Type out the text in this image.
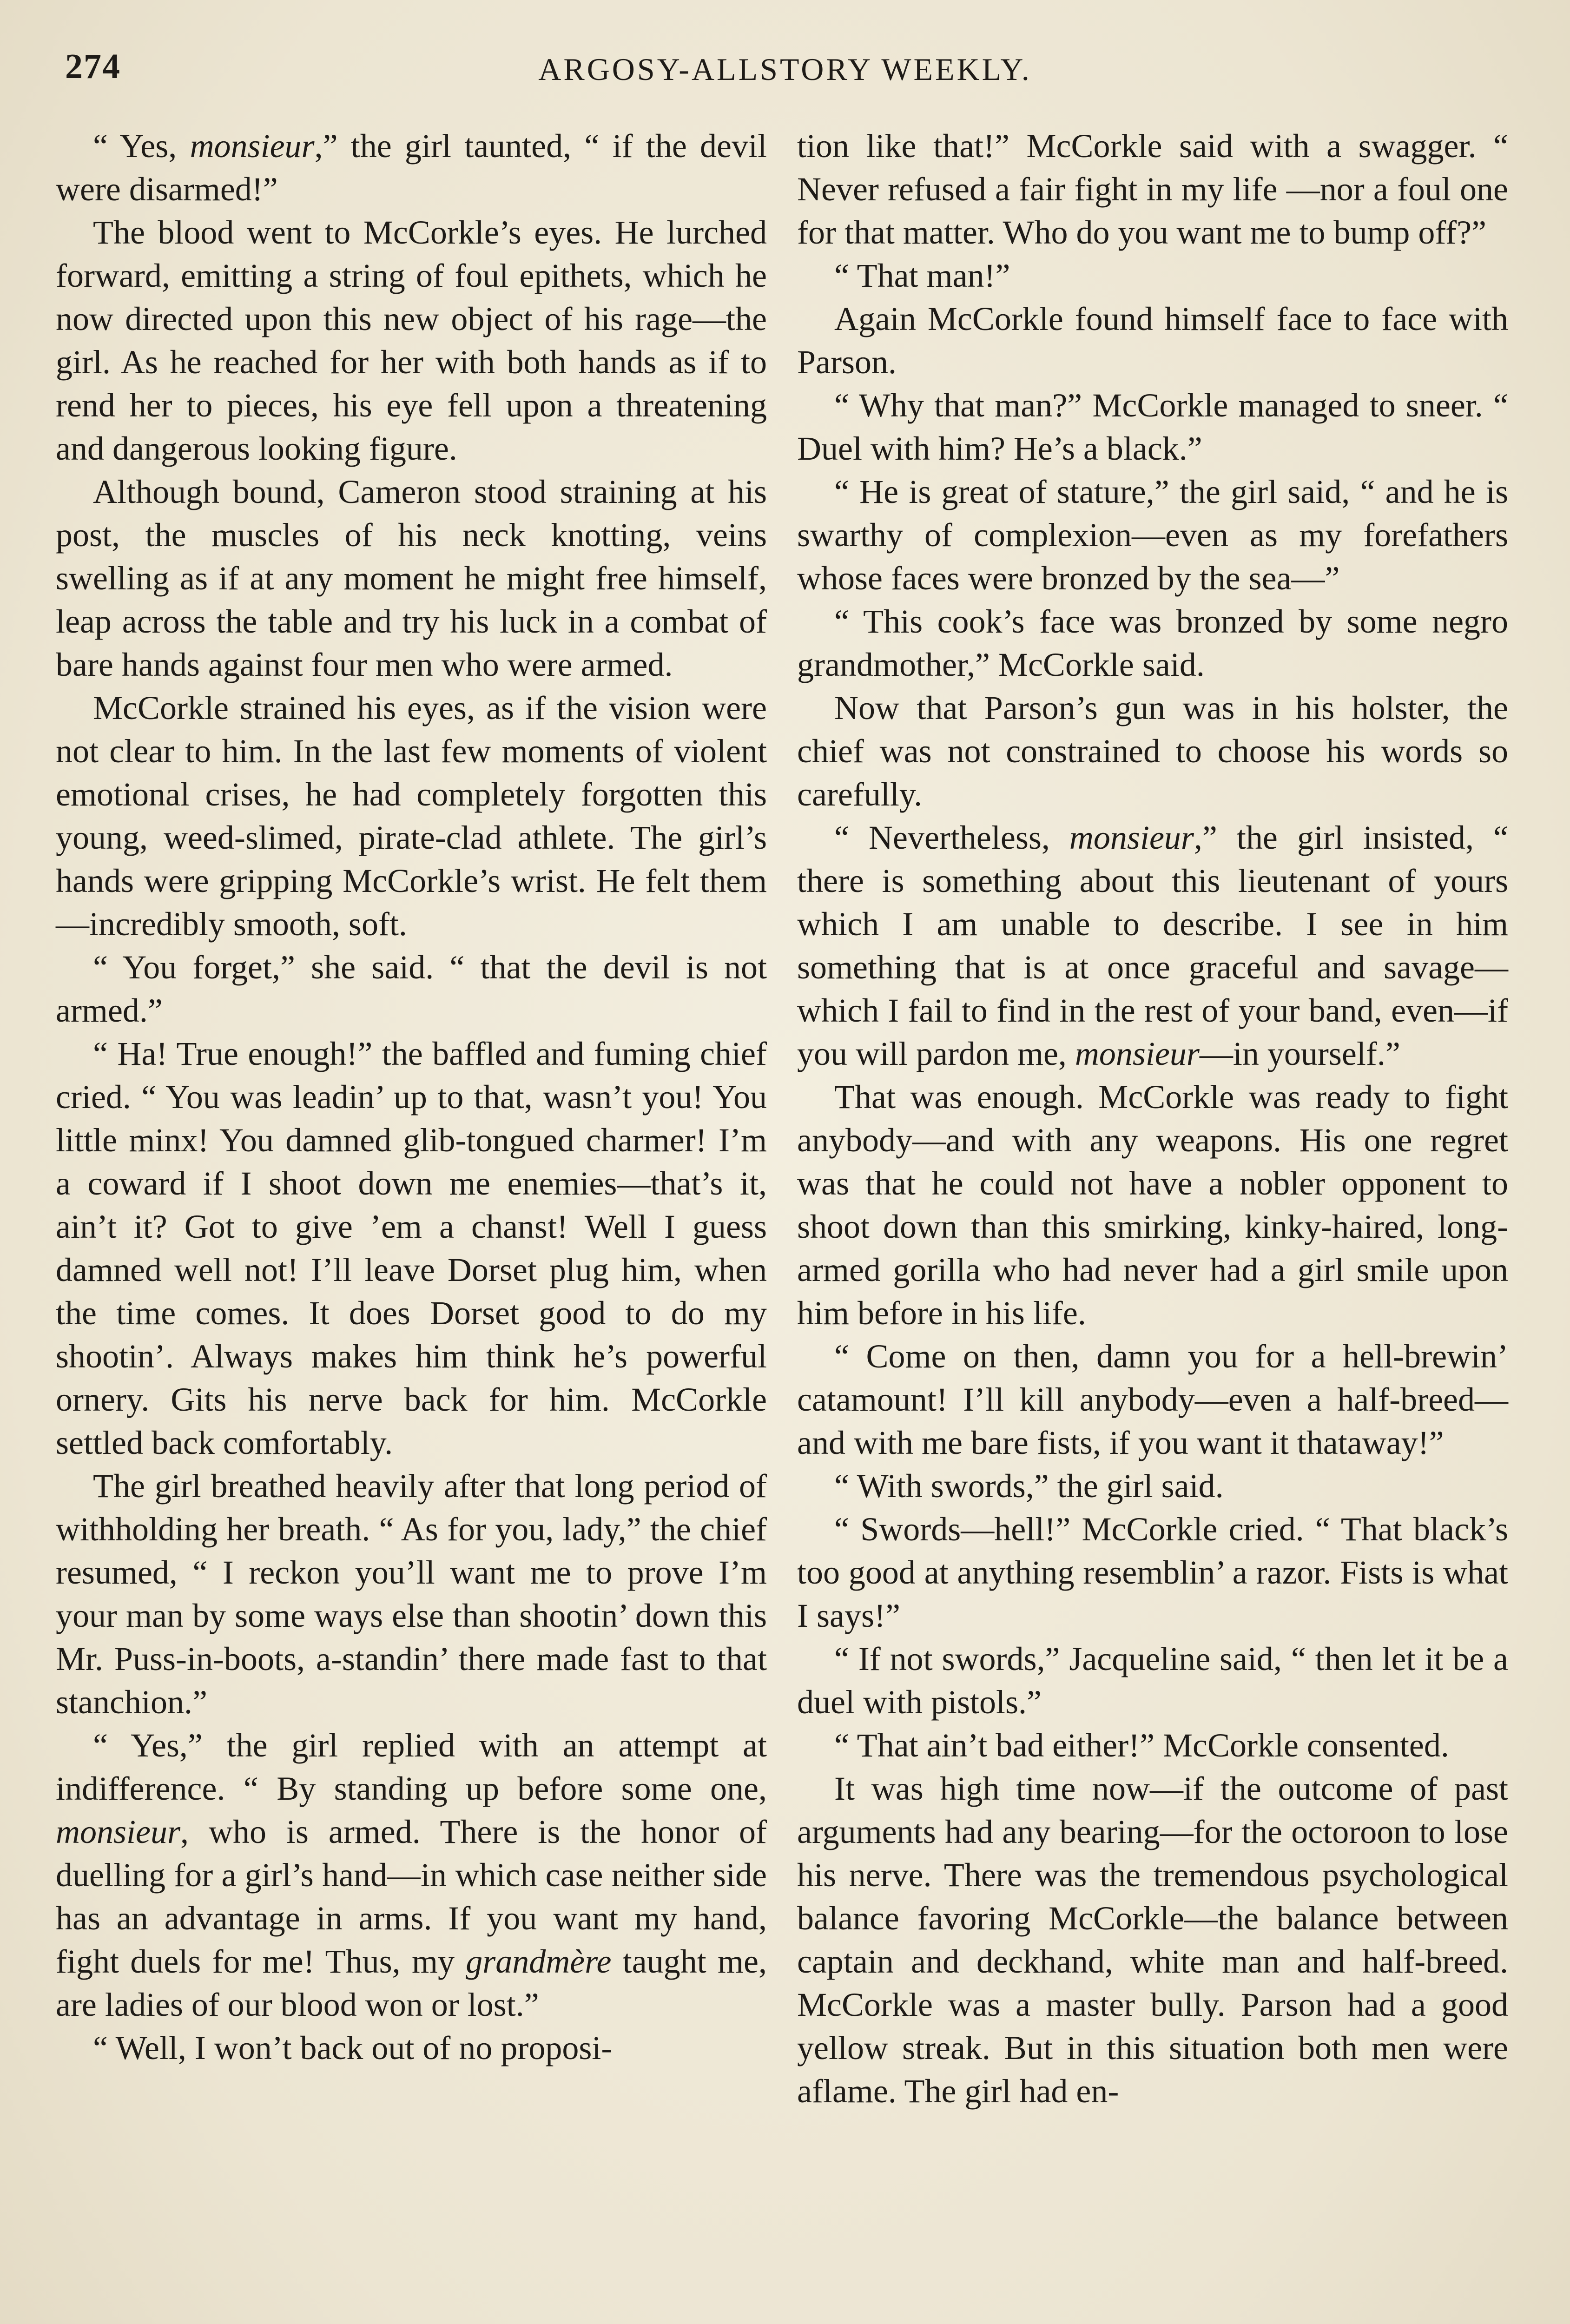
274	ARGOSY-ALLSTORY WEEKLY.

“ Yes, monsieur,” the girl taunted, “ if the devil were disarmed!”

The blood went to McCorkle’s eyes. He lurched forward, emitting a string of foul epithets, which he now directed upon this new object of his rage—the girl. As he reached for her with both hands as if to rend her to pieces, his eye fell upon a threatening and dangerous looking figure.

Although bound, Cameron stood straining at his post, the muscles of his neck knotting, veins swelling as if at any moment he might free himself, leap across the table and try his luck in a combat of bare hands against four men who were armed.

McCorkle strained his eyes, as if the vision were not clear to him. In the last few moments of violent emotional crises, he had completely forgotten this young, weed-slimed, pirate-clad athlete. The girl’s hands were gripping McCorkle’s wrist. He felt them—incredibly smooth, soft.

“ You forget,” she said. “ that the devil is not armed.”

“ Ha! True enough!” the baffled and fuming chief cried. “ You was leadin’ up to that, wasn’t you! You little minx! You damned glib-tongued charmer! I’m a coward if I shoot down me enemies—that’s it, ain’t it? Got to give ’em a chanst! Well I guess damned well not! I’ll leave Dorset plug him, when the time comes. It does Dorset good to do my shootin’. Always makes him think he’s powerful ornery. Gits his nerve back for him. McCorkle settled back comfortably.

The girl breathed heavily after that long period of withholding her breath. “ As for you, lady,” the chief resumed, “ I reckon you’ll want me to prove I’m your man by some ways else than shootin’ down this Mr. Puss-in-boots, a-standin’ there made fast to that stanchion.”

“ Yes,” the girl replied with an attempt at indifference. “ By standing up before some one, monsieur, who is armed. There is the honor of duelling for a girl’s hand—in which case neither side has an advantage in arms. If you want my hand, fight duels for me! Thus, my grandmère taught me, are ladies of our blood won or lost.”

“ Well, I won’t back out of no proposi-

tion like that!” McCorkle said with a swagger. “ Never refused a fair fight in my life —nor a foul one for that matter. Who do you want me to bump off?”

“ That man!”

Again McCorkle found himself face to face with Parson.

“ Why that man?” McCorkle managed to sneer. “ Duel with him? He’s a black.”

“ He is great of stature,” the girl said, “ and he is swarthy of complexion—even as my forefathers whose faces were bronzed by the sea—”

“ This cook’s face was bronzed by some negro grandmother,” McCorkle said.

Now that Parson’s gun was in his holster, the chief was not constrained to choose his words so carefully.

“ Nevertheless, monsieur,” the girl insisted, “ there is something about this lieutenant of yours which I am unable to describe. I see in him something that is at once graceful and savage—which I fail to find in the rest of your band, even—if you will pardon me, monsieur—in yourself.”

That was enough. McCorkle was ready to fight anybody—and with any weapons. His one regret was that he could not have a nobler opponent to shoot down than this smirking, kinky-haired, long-armed gorilla who had never had a girl smile upon him before in his life.

“ Come on then, damn you for a hell-brewin’ catamount! I’ll kill anybody—even a half-breed—and with me bare fists, if you want it thataway!”

“ With swords,” the girl said.

“ Swords—hell!” McCorkle cried. “ That black’s too good at anything resemblin’ a razor. Fists is what I says!”

“ If not swords,” Jacqueline said, “ then let it be a duel with pistols.”

“ That ain’t bad either!” McCorkle consented.

It was high time now—if the outcome of past arguments had any bearing—for the octoroon to lose his nerve. There was the tremendous psychological balance favoring McCorkle—the balance between captain and deckhand, white man and half-breed. McCorkle was a master bully. Parson had a good yellow streak. But in this situation both men were aflame. The girl had en-
